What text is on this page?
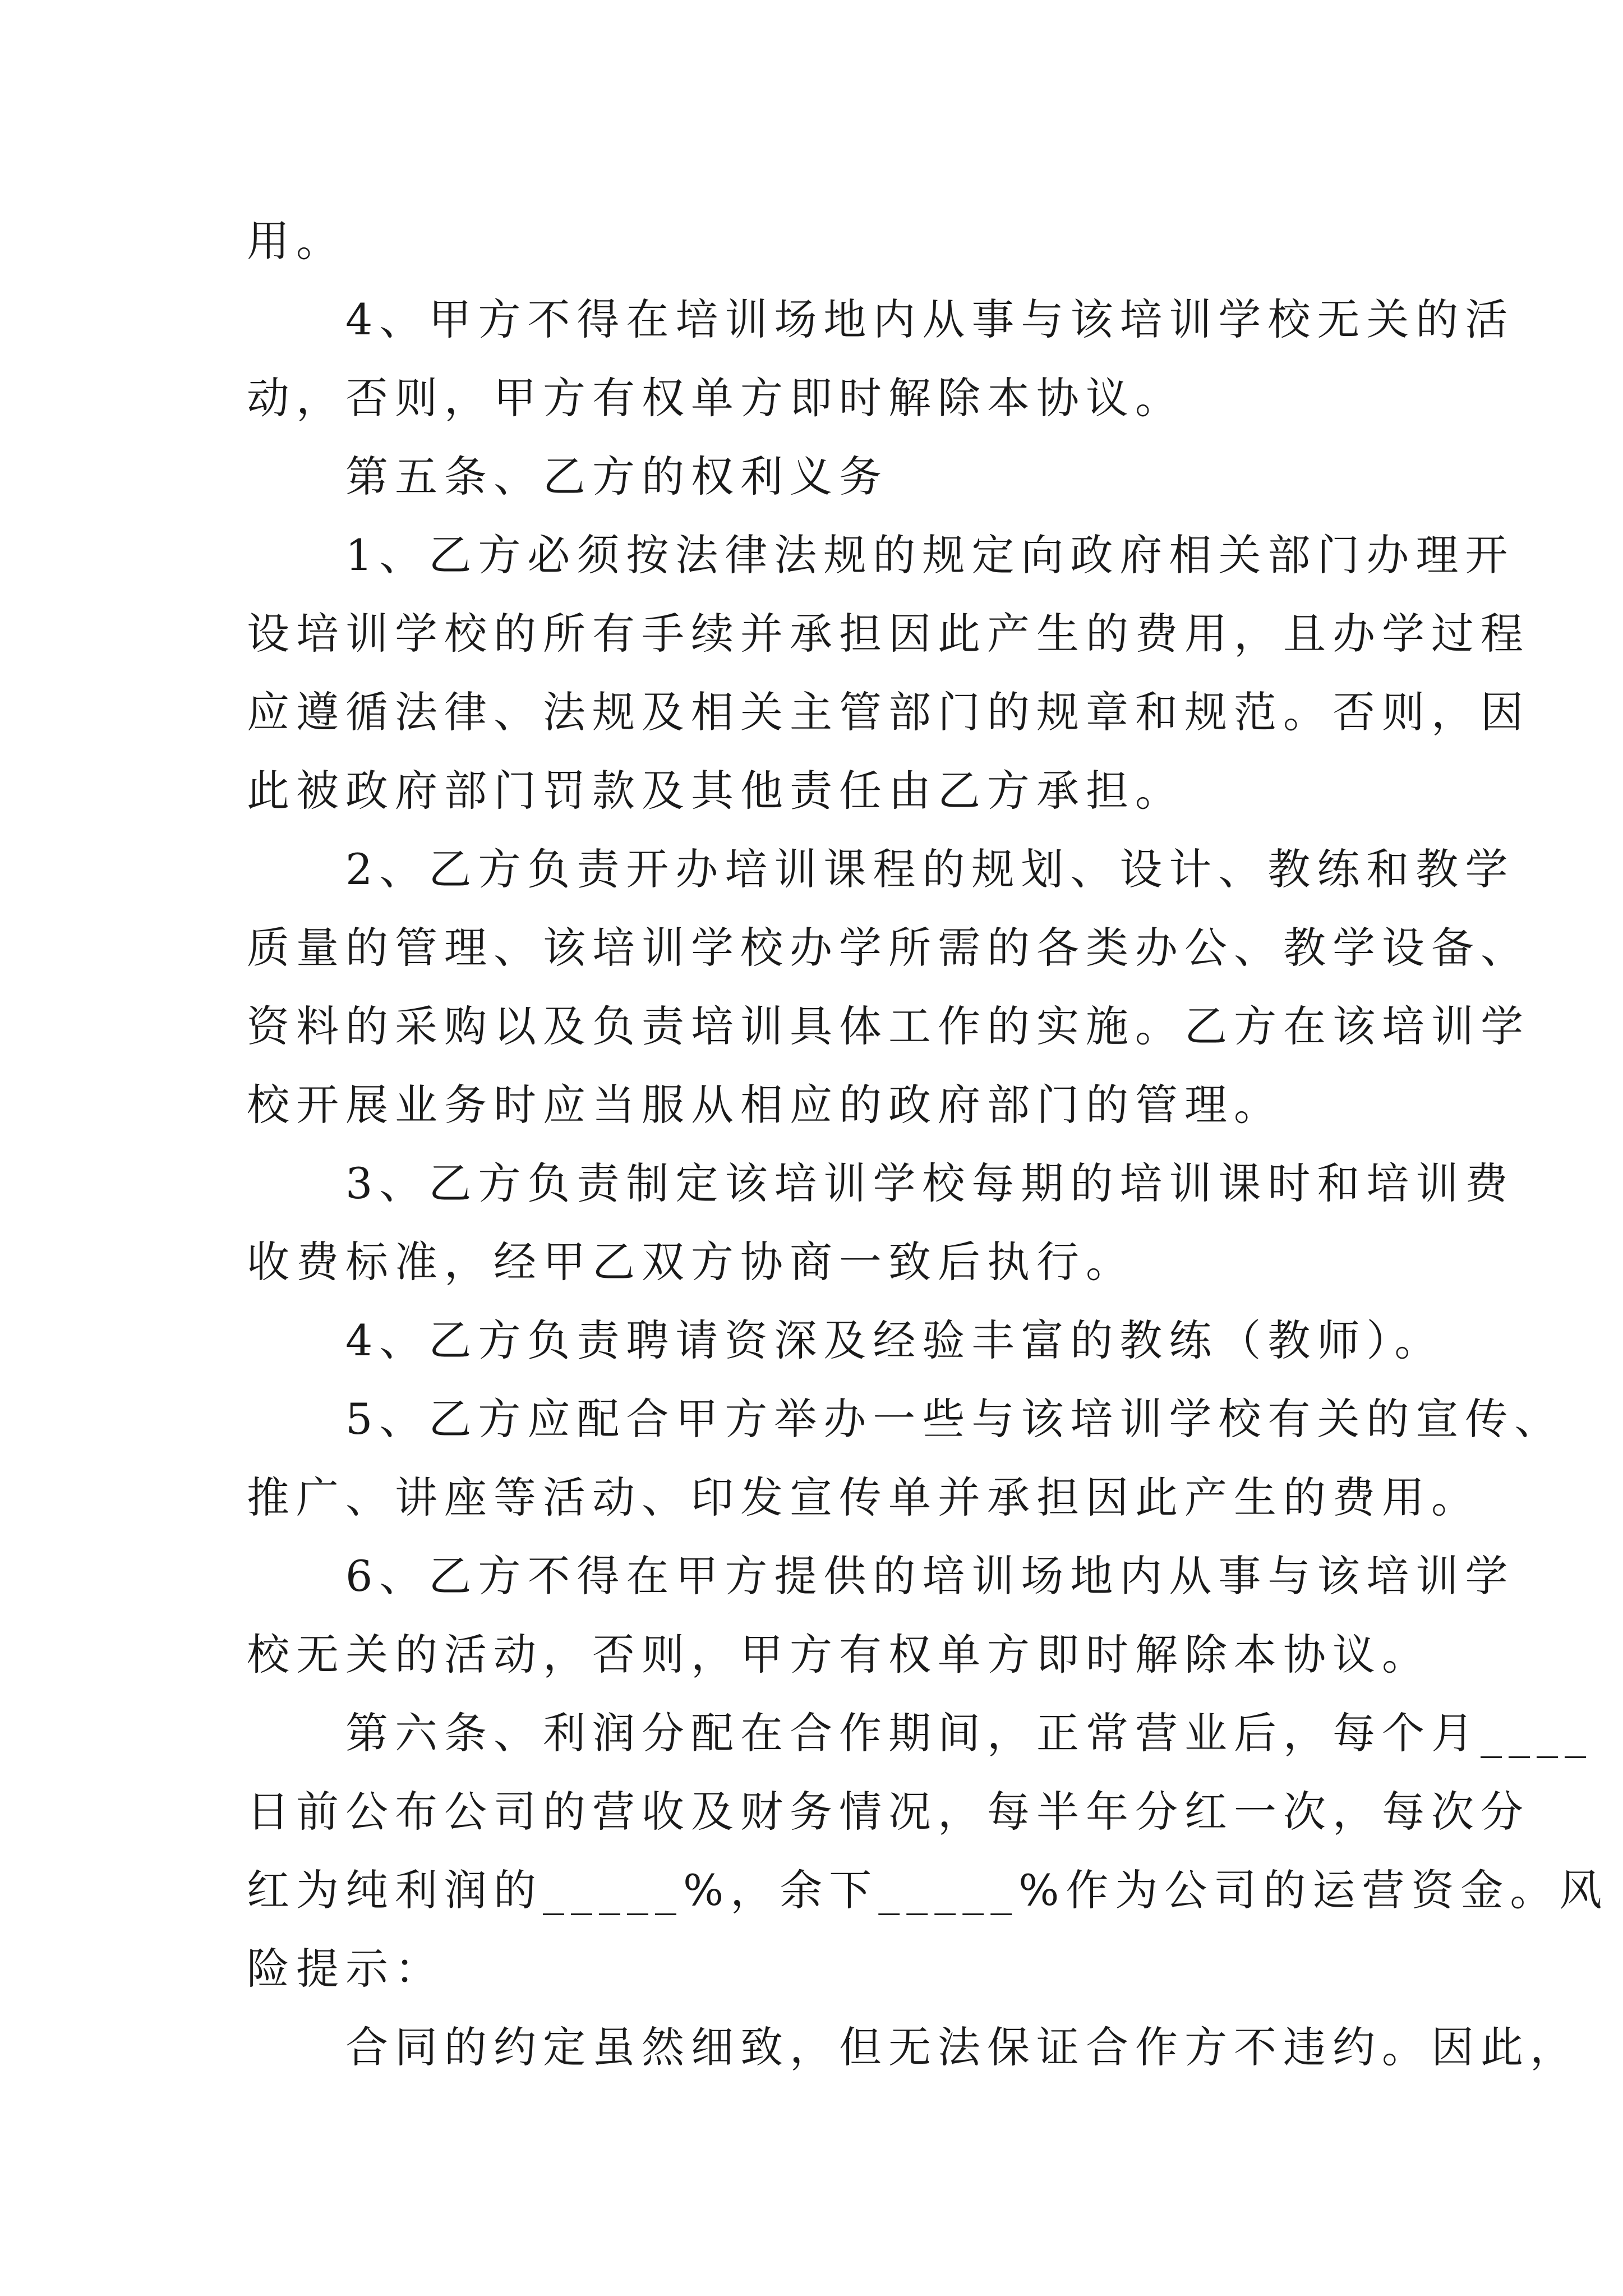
用。
　　4、甲方不得在培训场地内从事与该培训学校无关的活
动，否则，甲方有权单方即时解除本协议。
　　第五条、乙方的权利义务
　　1、乙方必须按法律法规的规定向政府相关部门办理开
设培训学校的所有手续并承担因此产生的费用，且办学过程
应遵循法律、法规及相关主管部门的规章和规范。否则，因
此被政府部门罚款及其他责任由乙方承担。
　　2、乙方负责开办培训课程的规划、设计、教练和教学
质量的管理、该培训学校办学所需的各类办公、教学设备、
资料的采购以及负责培训具体工作的实施。乙方在该培训学
校开展业务时应当服从相应的政府部门的管理。
　　3、乙方负责制定该培训学校每期的培训课时和培训费
收费标准，经甲乙双方协商一致后执行。
　　4、乙方负责聘请资深及经验丰富的教练（教师）。
　　5、乙方应配合甲方举办一些与该培训学校有关的宣传、
推广、讲座等活动、印发宣传单并承担因此产生的费用。
　　6、乙方不得在甲方提供的培训场地内从事与该培训学
校无关的活动，否则，甲方有权单方即时解除本协议。
　　第六条、利润分配在合作期间，正常营业后，每个月____
日前公布公司的营收及财务情况，每半年分红一次，每次分
红为纯利润的_____%，余下_____%作为公司的运营资金。风
险提示：
　　合同的约定虽然细致，但无法保证合作方不违约。因此，
